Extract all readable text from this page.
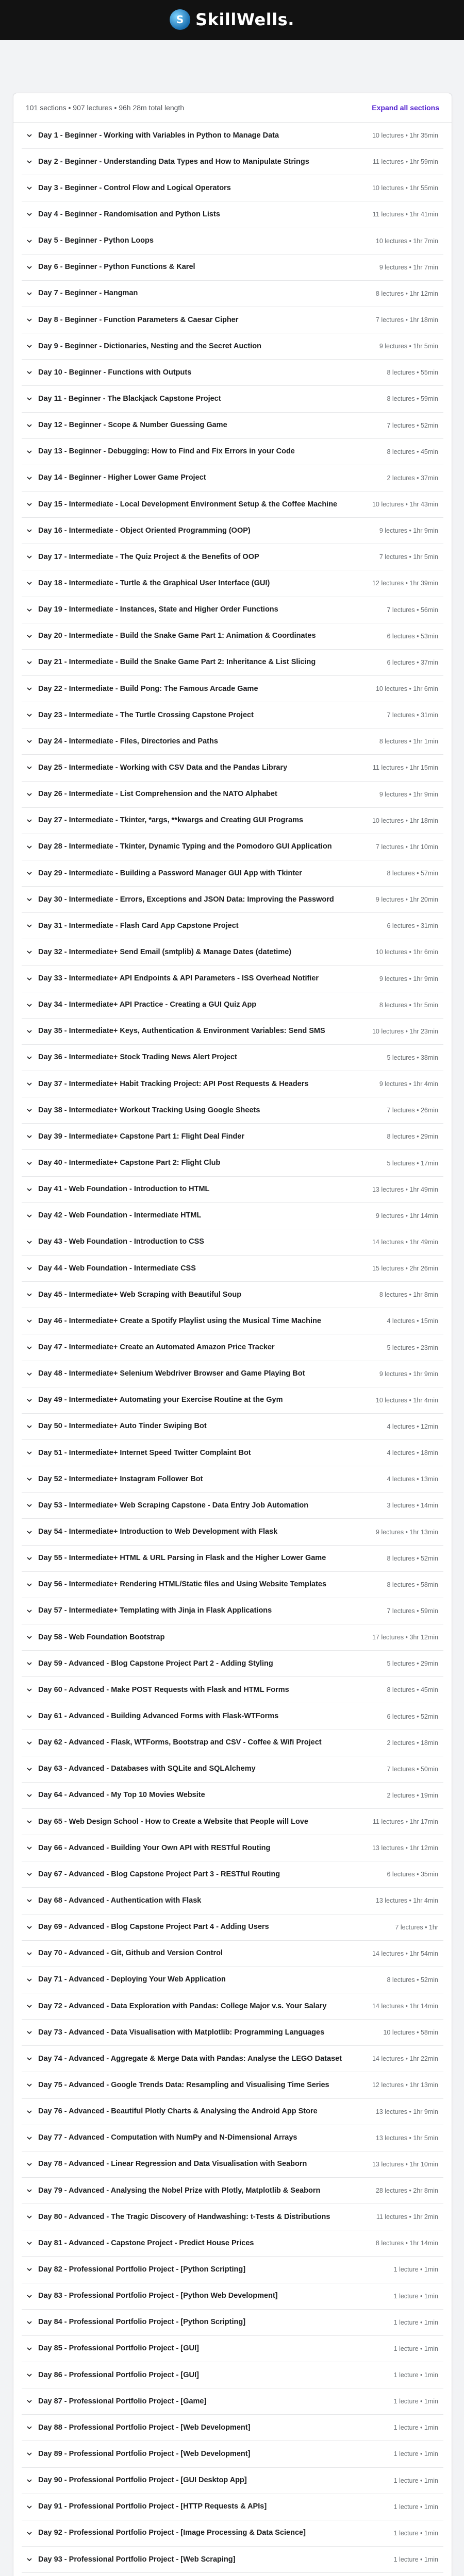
S SkillWells.
101 sections • 907 lectures • 96h 28m total length	Expand all sections
Day 1 - Beginner - Working with Variables in Python to Manage Data	10 lectures • 1hr 35min
Day 2 - Beginner - Understanding Data Types and How to Manipulate Strings	11 lectures • 1hr 59min
Day 3 - Beginner - Control Flow and Logical Operators	10 lectures • 1hr 55min
Day 4 - Beginner - Randomisation and Python Lists	11 lectures • 1hr 41min
Day 5 - Beginner - Python Loops	10 lectures • 1hr 7min
Day 6 - Beginner - Python Functions & Karel	9 lectures • 1hr 7min
Day 7 - Beginner - Hangman	8 lectures • 1hr 12min
Day 8 - Beginner - Function Parameters & Caesar Cipher	7 lectures • 1hr 18min
Day 9 - Beginner - Dictionaries, Nesting and the Secret Auction	9 lectures • 1hr 5min
Day 10 - Beginner - Functions with Outputs	8 lectures • 55min
Day 11 - Beginner - The Blackjack Capstone Project	8 lectures • 59min
Day 12 - Beginner - Scope & Number Guessing Game	7 lectures • 52min
Day 13 - Beginner - Debugging: How to Find and Fix Errors in your Code	8 lectures • 45min
Day 14 - Beginner - Higher Lower Game Project	2 lectures • 37min
Day 15 - Intermediate - Local Development Environment Setup & the Coffee Machine	10 lectures • 1hr 43min
Day 16 - Intermediate - Object Oriented Programming (OOP)	9 lectures • 1hr 9min
Day 17 - Intermediate - The Quiz Project & the Benefits of OOP	7 lectures • 1hr 5min
Day 18 - Intermediate - Turtle & the Graphical User Interface (GUI)	12 lectures • 1hr 39min
Day 19 - Intermediate - Instances, State and Higher Order Functions	7 lectures • 56min
Day 20 - Intermediate - Build the Snake Game Part 1: Animation & Coordinates	6 lectures • 53min
Day 21 - Intermediate - Build the Snake Game Part 2: Inheritance & List Slicing	6 lectures • 37min
Day 22 - Intermediate - Build Pong: The Famous Arcade Game	10 lectures • 1hr 6min
Day 23 - Intermediate - The Turtle Crossing Capstone Project	7 lectures • 31min
Day 24 - Intermediate - Files, Directories and Paths	8 lectures • 1hr 1min
Day 25 - Intermediate - Working with CSV Data and the Pandas Library	11 lectures • 1hr 15min
Day 26 - Intermediate - List Comprehension and the NATO Alphabet	9 lectures • 1hr 9min
Day 27 - Intermediate - Tkinter, *args, **kwargs and Creating GUI Programs	10 lectures • 1hr 18min
Day 28 - Intermediate - Tkinter, Dynamic Typing and the Pomodoro GUI Application	7 lectures • 1hr 10min
Day 29 - Intermediate - Building a Password Manager GUI App with Tkinter	8 lectures • 57min
Day 30 - Intermediate - Errors, Exceptions and JSON Data: Improving the Password	9 lectures • 1hr 20min
Day 31 - Intermediate - Flash Card App Capstone Project	6 lectures • 31min
Day 32 - Intermediate+ Send Email (smtplib) & Manage Dates (datetime)	10 lectures • 1hr 6min
Day 33 - Intermediate+ API Endpoints & API Parameters - ISS Overhead Notifier	9 lectures • 1hr 9min
Day 34 - Intermediate+ API Practice - Creating a GUI Quiz App	8 lectures • 1hr 5min
Day 35 - Intermediate+ Keys, Authentication & Environment Variables: Send SMS	10 lectures • 1hr 23min
Day 36 - Intermediate+ Stock Trading News Alert Project	5 lectures • 38min
Day 37 - Intermediate+ Habit Tracking Project: API Post Requests & Headers	9 lectures • 1hr 4min
Day 38 - Intermediate+ Workout Tracking Using Google Sheets	7 lectures • 26min
Day 39 - Intermediate+ Capstone Part 1: Flight Deal Finder	8 lectures • 29min
Day 40 - Intermediate+ Capstone Part 2: Flight Club	5 lectures • 17min
Day 41 - Web Foundation - Introduction to HTML	13 lectures • 1hr 49min
Day 42 - Web Foundation - Intermediate HTML	9 lectures • 1hr 14min
Day 43 - Web Foundation - Introduction to CSS	14 lectures • 1hr 49min
Day 44 - Web Foundation - Intermediate CSS	15 lectures • 2hr 26min
Day 45 - Intermediate+ Web Scraping with Beautiful Soup	8 lectures • 1hr 8min
Day 46 - Intermediate+ Create a Spotify Playlist using the Musical Time Machine	4 lectures • 15min
Day 47 - Intermediate+ Create an Automated Amazon Price Tracker	5 lectures • 23min
Day 48 - Intermediate+ Selenium Webdriver Browser and Game Playing Bot	9 lectures • 1hr 9min
Day 49 - Intermediate+ Automating your Exercise Routine at the Gym	10 lectures • 1hr 4min
Day 50 - Intermediate+ Auto Tinder Swiping Bot	4 lectures • 12min
Day 51 - Intermediate+ Internet Speed Twitter Complaint Bot	4 lectures • 18min
Day 52 - Intermediate+ Instagram Follower Bot	4 lectures • 13min
Day 53 - Intermediate+ Web Scraping Capstone - Data Entry Job Automation	3 lectures • 14min
Day 54 - Intermediate+ Introduction to Web Development with Flask	9 lectures • 1hr 13min
Day 55 - Intermediate+ HTML & URL Parsing in Flask and the Higher Lower Game	8 lectures • 52min
Day 56 - Intermediate+ Rendering HTML/Static files and Using Website Templates	8 lectures • 58min
Day 57 - Intermediate+ Templating with Jinja in Flask Applications	7 lectures • 59min
Day 58 - Web Foundation Bootstrap	17 lectures • 3hr 12min
Day 59 - Advanced - Blog Capstone Project Part 2 - Adding Styling	5 lectures • 29min
Day 60 - Advanced - Make POST Requests with Flask and HTML Forms	8 lectures • 45min
Day 61 - Advanced - Building Advanced Forms with Flask-WTForms	6 lectures • 52min
Day 62 - Advanced - Flask, WTForms, Bootstrap and CSV - Coffee & Wifi Project	2 lectures • 18min
Day 63 - Advanced - Databases with SQLite and SQLAlchemy	7 lectures • 50min
Day 64 - Advanced - My Top 10 Movies Website	2 lectures • 19min
Day 65 - Web Design School - How to Create a Website that People will Love	11 lectures • 1hr 17min
Day 66 - Advanced - Building Your Own API with RESTful Routing	13 lectures • 1hr 12min
Day 67 - Advanced - Blog Capstone Project Part 3 - RESTful Routing	6 lectures • 35min
Day 68 - Advanced - Authentication with Flask	13 lectures • 1hr 4min
Day 69 - Advanced - Blog Capstone Project Part 4 - Adding Users	7 lectures • 1hr
Day 70 - Advanced - Git, Github and Version Control	14 lectures • 1hr 54min
Day 71 - Advanced - Deploying Your Web Application	8 lectures • 52min
Day 72 - Advanced - Data Exploration with Pandas: College Major v.s. Your Salary	14 lectures • 1hr 14min
Day 73 - Advanced - Data Visualisation with Matplotlib: Programming Languages	10 lectures • 58min
Day 74 - Advanced - Aggregate & Merge Data with Pandas: Analyse the LEGO Dataset	14 lectures • 1hr 22min
Day 75 - Advanced - Google Trends Data: Resampling and Visualising Time Series	12 lectures • 1hr 13min
Day 76 - Advanced - Beautiful Plotly Charts & Analysing the Android App Store	13 lectures • 1hr 9min
Day 77 - Advanced - Computation with NumPy and N-Dimensional Arrays	13 lectures • 1hr 5min
Day 78 - Advanced - Linear Regression and Data Visualisation with Seaborn	13 lectures • 1hr 10min
Day 79 - Advanced - Analysing the Nobel Prize with Plotly, Matplotlib & Seaborn	28 lectures • 2hr 8min
Day 80 - Advanced - The Tragic Discovery of Handwashing: t-Tests & Distributions	11 lectures • 1hr 2min
Day 81 - Advanced - Capstone Project - Predict House Prices	8 lectures • 1hr 14min
Day 82 - Professional Portfolio Project - [Python Scripting]	1 lecture • 1min
Day 83 - Professional Portfolio Project - [Python Web Development]	1 lecture • 1min
Day 84 - Professional Portfolio Project - [Python Scripting]	1 lecture • 1min
Day 85 - Professional Portfolio Project - [GUI]	1 lecture • 1min
Day 86 - Professional Portfolio Project - [GUI]	1 lecture • 1min
Day 87 - Professional Portfolio Project - [Game]	1 lecture • 1min
Day 88 - Professional Portfolio Project - [Web Development]	1 lecture • 1min
Day 89 - Professional Portfolio Project - [Web Development]	1 lecture • 1min
Day 90 - Professional Portfolio Project - [GUI Desktop App]	1 lecture • 1min
Day 91 - Professional Portfolio Project - [HTTP Requests & APIs]	1 lecture • 1min
Day 92 - Professional Portfolio Project - [Image Processing & Data Science]	1 lecture • 1min
Day 93 - Professional Portfolio Project - [Web Scraping]	1 lecture • 1min
